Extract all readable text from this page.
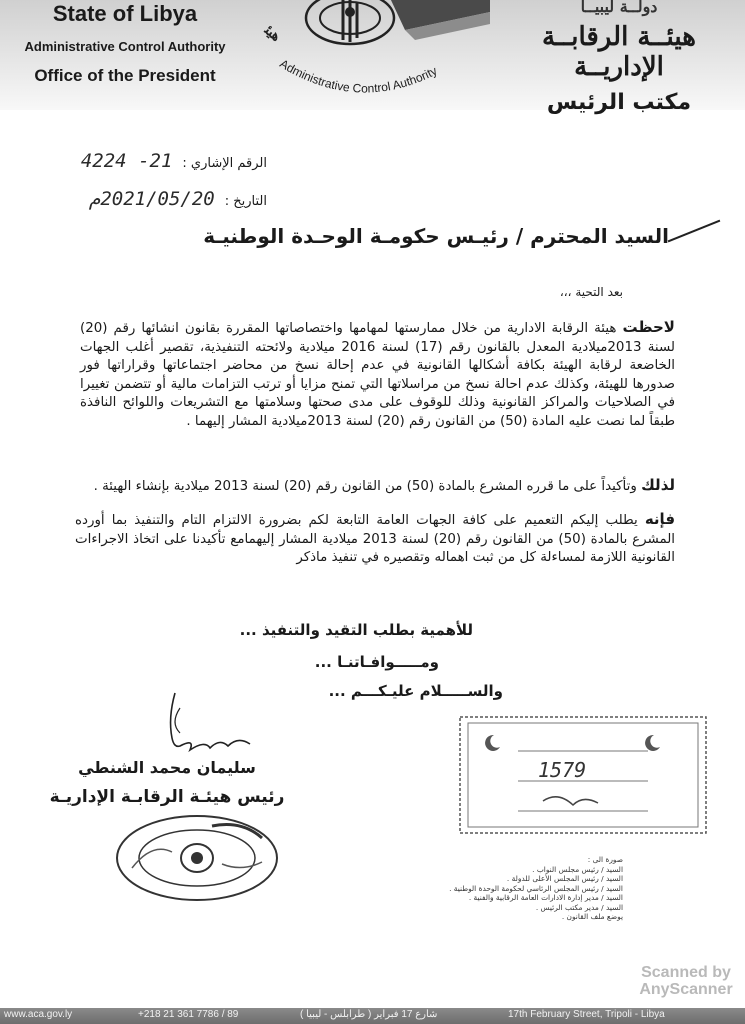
State of Libya
Administrative Control Authority
Office of the President
هيئ
Administrative Control Authority
دولــة ليبيــا
هيئــة الرقابــة الإداريــة
مكتب الرئيس
الرقم الإشاري :21- 4224
التاريخ :2021/05/20م
السيد المحترم / رئيـس حكومـة الوحـدة الوطنيـة
بعد التحية ،،،
لاحظت هيئة الرقابة الادارية من خلال ممارستها لمهامها واختصاصاتها المقررة بقانون انشائها رقم (20) لسنة 2013ميلادية المعدل بالقانون رقم (17) لسنة 2016 ميلادية ولائحته التنفيذية، تقصير أغلب الجهات الخاضعة لرقابة الهيئة بكافة أشكالها القانونية في عدم إحالة نسخ من محاضر اجتماعاتها وقراراتها فور صدورها للهيئة، وكذلك عدم احالة نسخ من مراسلاتها التي تمنح مزايا أو ترتب التزامات مالية أو تتضمن تغييرا في الصلاحيات والمراكز القانونية وذلك للوقوف على مدى صحتها وسلامتها مع التشريعات واللوائح النافذة طبقاً لما نصت عليه المادة (50) من القانون رقم (20) لسنة 2013ميلادية المشار إليهما .
لذلك وتأكيداً على ما قرره المشرع بالمادة (50) من القانون رقم (20) لسنة 2013 ميلادية بإنشاء الهيئة .
فإنه يطلب إليكم التعميم على كافة الجهات العامة التابعة لكم بضرورة الالتزام التام والتنفيذ بما أورده المشرع بالمادة (50) من القانون رقم (20) لسنة 2013 ميلادية المشار إليهمامع تأكيدنا على اتخاذ الاجراءات القانونية اللازمة لمساءلة كل من ثبت اهماله وتقصيره في تنفيذ ماذكر
للأهمية بطلب التقيد والتنفيذ ...
ومـــــوافـاتنـا ...
والســـــلام عليـكـــم ...
سليمان محمد الشنطي
رئيس هيئـة الرقابـة الإداريـة
1579
صورة الى :
السيد / رئيس مجلس النواب .
السيد / رئيس المجلس الأعلى للدولة .
السيد / رئيس المجلس الرئاسي لحكومة الوحدة الوطنية .
السيد / مدير إدارة الادارات العامة الرقابية والفنية .
السيد / مدير مكتب الرئيس .
يوضع ملف القانون .
Scanned by
AnyScanner
www.aca.gov.ly	+218 21 361 7786 / 89	شارع 17 فبراير ( طرابلس - ليبيا )	17th February Street, Tripoli - Libya
